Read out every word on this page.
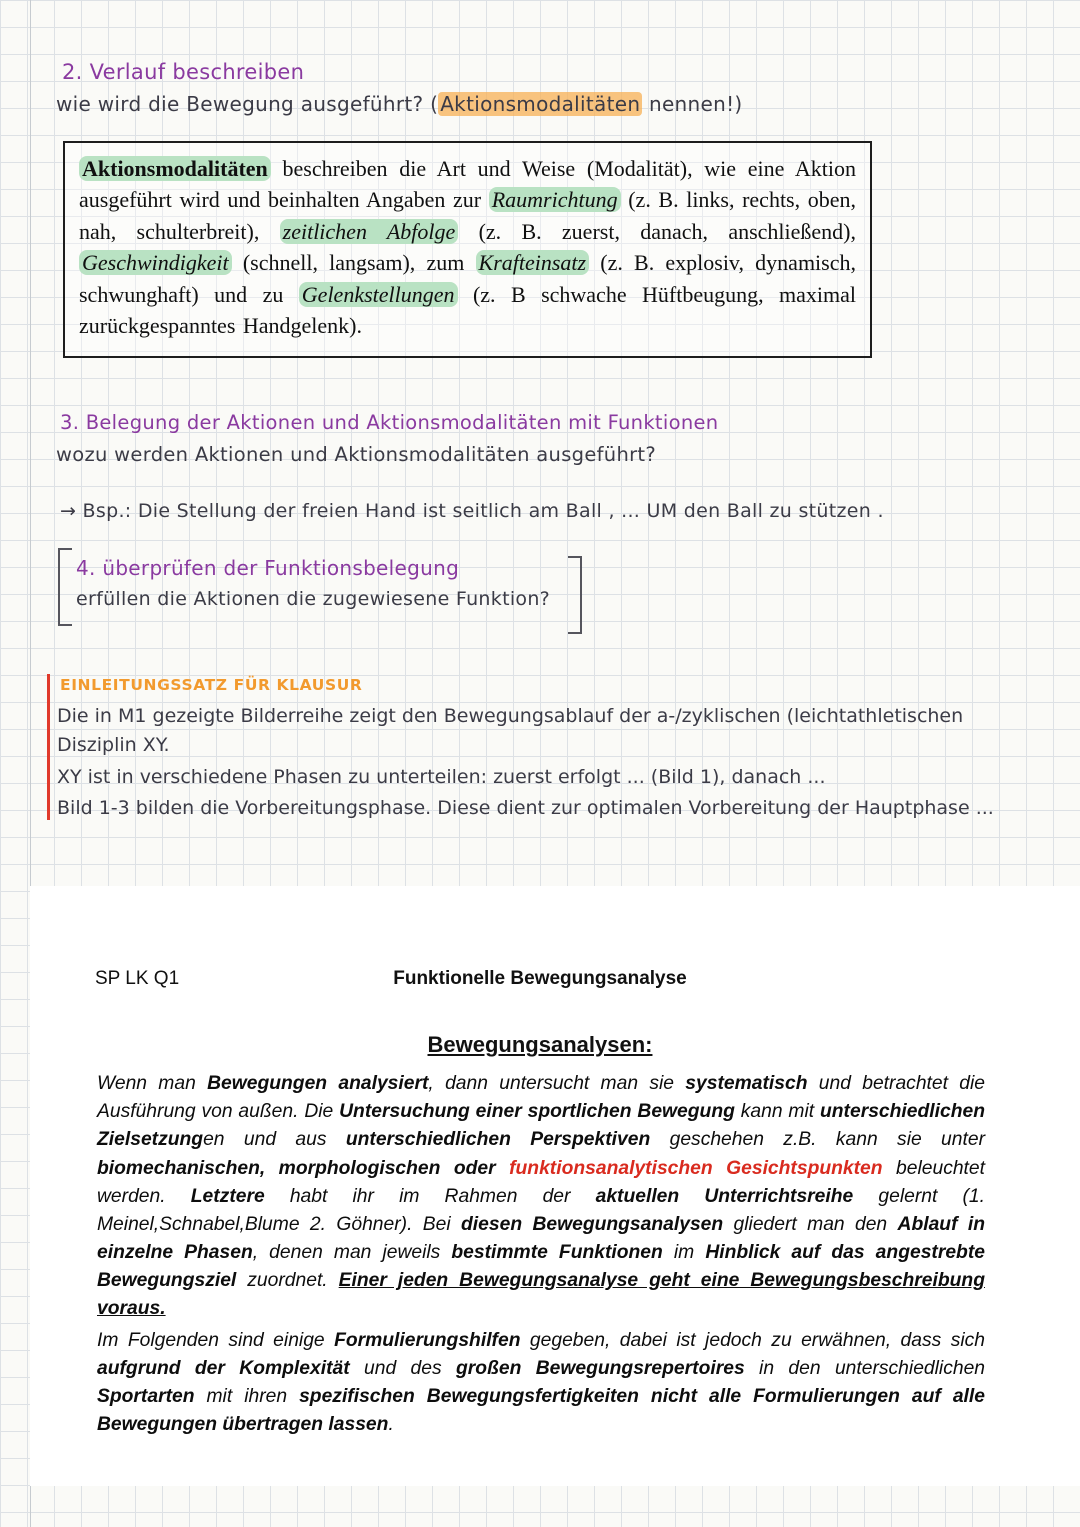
2. Verlauf beschreiben
wie wird die Bewegung ausgeführt? ( Aktionsmodalitäten nennen!)
Aktionsmodalitäten beschreiben die Art und Weise (Modalität), wie eine Aktion ausgeführt wird und beinhalten Angaben zur Raumrichtung (z. B. links, rechts, oben, nah, schulterbreit), zeitlichen Abfolge (z. B. zuerst, danach, anschließend), Geschwindigkeit (schnell, langsam), zum Krafteinsatz (z. B. explosiv, dynamisch, schwunghaft) und zu Gelenkstellungen (z. B schwache Hüftbeugung, maximal zurückgespanntes Handgelenk).
3. Belegung der Aktionen und Aktionsmodalitäten mit Funktionen
wozu werden Aktionen und Aktionsmodalitäten ausgeführt?
→ Bsp.: Die Stellung der freien Hand ist seitlich am Ball , ... UM den Ball zu stützen .
4. überprüfen der Funktionsbelegung
erfüllen die Aktionen die zugewiesene Funktion?
EINLEITUNGSSATZ FÜR KLAUSUR

Die in M1 gezeigte Bilderreihe zeigt den Bewegungsablauf der a-/zyklischen (leichtathletischen Disziplin XY.

XY ist in verschiedene Phasen zu unterteilen: zuerst erfolgt ... (Bild 1), danach ...

Bild 1-3 bilden die Vorbereitungsphase. Diese dient zur optimalen Vorbereitung der Hauptphase ...

SP LK Q1	Funktionelle Bewegungsanalyse
Bewegungsanalysen:

Wenn man Bewegungen analysiert, dann untersucht man sie systematisch und betrachtet die Ausführung von außen. Die Untersuchung einer sportlichen Bewegung kann mit unterschiedlichen Zielsetzungen und aus unterschiedlichen Perspektiven geschehen z.B. kann sie unter biomechanischen, morphologischen oder funktionsanalytischen Gesichtspunkten beleuchtet werden. Letztere habt ihr im Rahmen der aktuellen Unterrichtsreihe gelernt (1. Meinel,Schnabel,Blume 2. Göhner). Bei diesen Bewegungsanalysen gliedert man den Ablauf in einzelne Phasen, denen man jeweils bestimmte Funktionen im Hinblick auf das angestrebte Bewegungsziel zuordnet. Einer jeden Bewegungsanalyse geht eine Bewegungsbeschreibung voraus.

Im Folgenden sind einige Formulierungshilfen gegeben, dabei ist jedoch zu erwähnen, dass sich aufgrund der Komplexität und des großen Bewegungsrepertoires in den unterschiedlichen Sportarten mit ihren spezifischen Bewegungsfertigkeiten nicht alle Formulierungen auf alle Bewegungen übertragen lassen.
